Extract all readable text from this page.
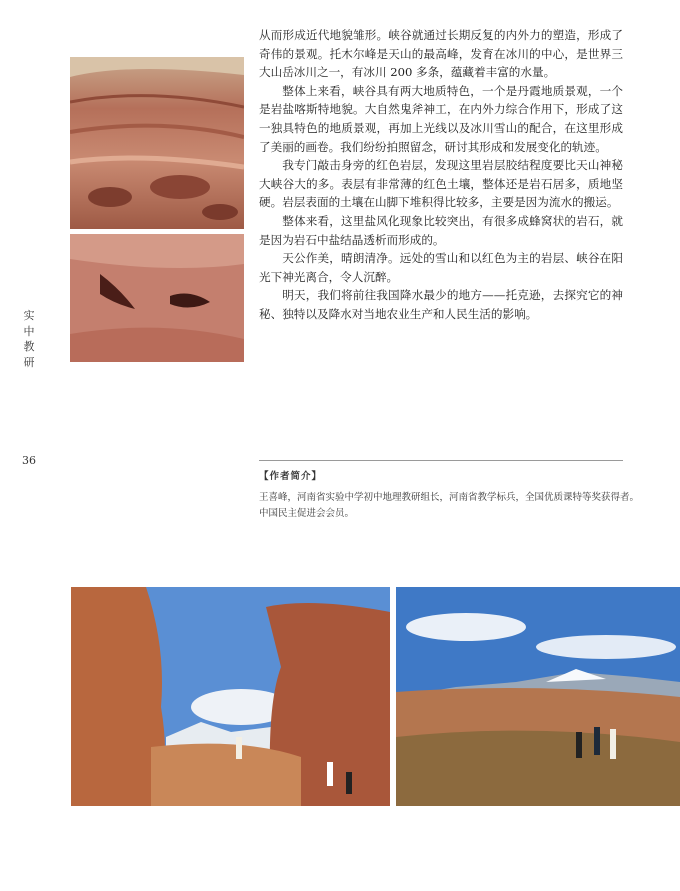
从而形成近代地貌雏形。峡谷就通过长期反复的内外力的塑造，形成了奇伟的景观。托木尔峰是天山的最高峰，发育在冰川的中心，是世界三大山岳冰川之一，有冰川 200 多条，蕴藏着丰富的水量。

整体上来看，峡谷具有两大地质特色，一个是丹霞地质景观，一个是岩盐喀斯特地貌。大自然鬼斧神工，在内外力综合作用下，形成了这一独具特色的地质景观，再加上光线以及冰川雪山的配合，在这里形成了美丽的画卷。我们纷纷拍照留念，研讨其形成和发展变化的轨迹。

我专门敲击身旁的红色岩层，发现这里岩层胶结程度要比天山神秘大峡谷大的多。表层有非常薄的红色土壤，整体还是岩石居多，质地坚硬。岩层表面的土壤在山脚下堆积得比较多，主要是因为流水的搬运。

整体来看，这里盐风化现象比较突出，有很多成蜂窝状的岩石，就是因为岩石中盐结晶透析而形成的。

天公作美，晴朗清净。远处的雪山和以红色为主的岩层、峡谷在阳光下神光离合，令人沉醉。

明天，我们将前往我国降水最少的地方——托克逊，去探究它的神秘、独特以及降水对当地农业生产和人民生活的影响。

实
中
教
研
36
【作者简介】
王喜峰，河南省实验中学初中地理教研组长，河南省教学标兵，全国优质课特等奖获得者。
中国民主促进会会员。
